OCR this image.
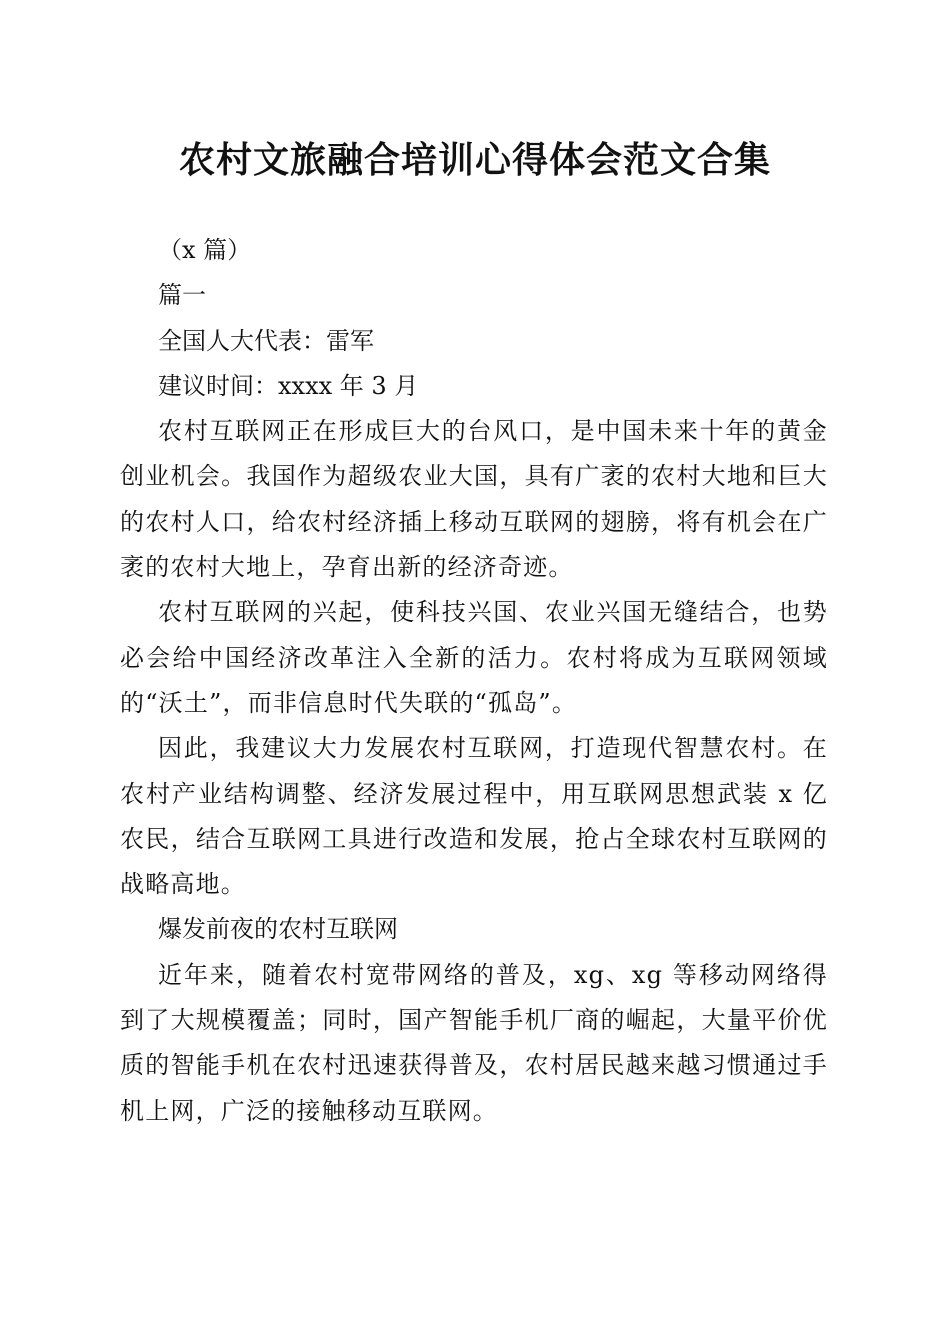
农村文旅融合培训心得体会范文合集

（x 篇）

篇一

全国人大代表：雷军

建议时间：xxxx 年 3 月

农村互联网正在形成巨大的台风口，是中国未来十年的黄金创业机会。我国作为超级农业大国，具有广袤的农村大地和巨大的农村人口，给农村经济插上移动互联网的翅膀，将有机会在广袤的农村大地上，孕育出新的经济奇迹。

农村互联网的兴起，使科技兴国、农业兴国无缝结合，也势必会给中国经济改革注入全新的活力。农村将成为互联网领域的“沃土”，而非信息时代失联的“孤岛”。

因此，我建议大力发展农村互联网，打造现代智慧农村。在农村产业结构调整、经济发展过程中，用互联网思想武装 x 亿农民，结合互联网工具进行改造和发展，抢占全球农村互联网的战略高地。

爆发前夜的农村互联网

近年来，随着农村宽带网络的普及，xg、xg 等移动网络得到了大规模覆盖；同时，国产智能手机厂商的崛起，大量平价优质的智能手机在农村迅速获得普及，农村居民越来越习惯通过手机上网，广泛的接触移动互联网。
